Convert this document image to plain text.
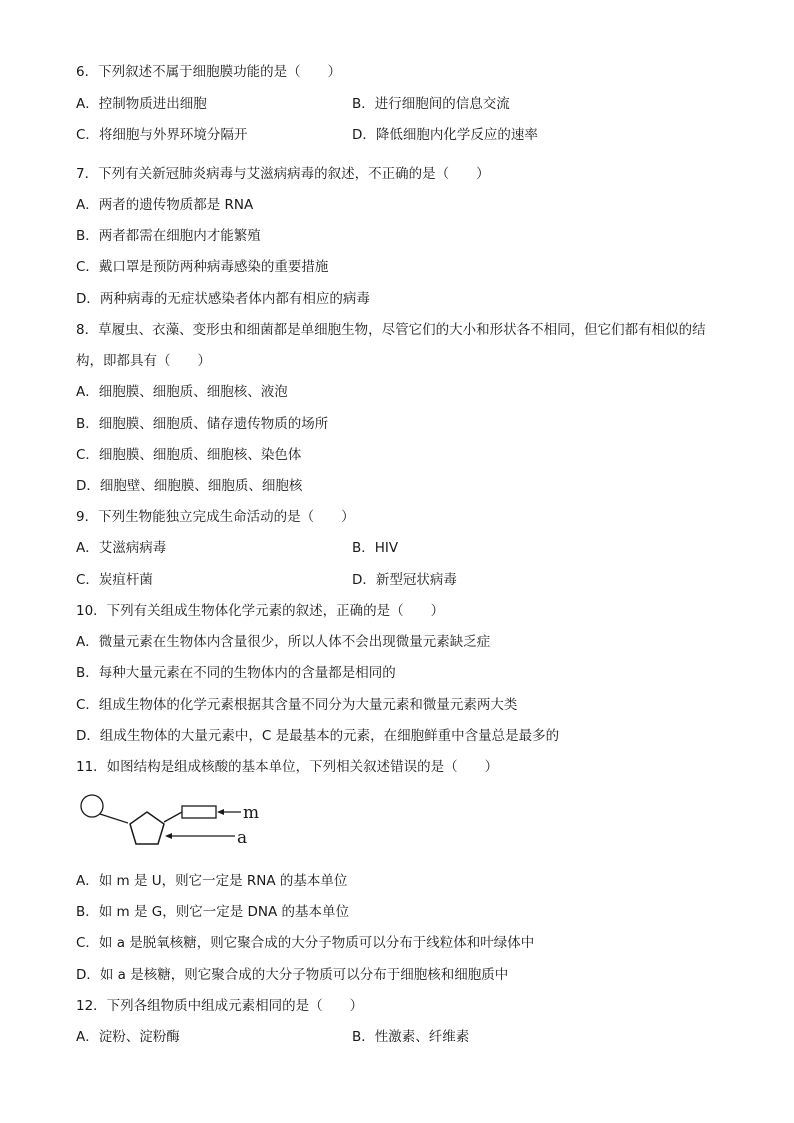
6．下列叙述不属于细胞膜功能的是（　　）
A．控制物质进出细胞	B．进行细胞间的信息交流
C．将细胞与外界环境分隔开	D．降低细胞内化学反应的速率
7．下列有关新冠肺炎病毒与艾滋病病毒的叙述，不正确的是（　　）
A．两者的遗传物质都是 RNA
B．两者都需在细胞内才能繁殖
C．戴口罩是预防两种病毒感染的重要措施
D．两种病毒的无症状感染者体内都有相应的病毒
8．草履虫、衣藻、变形虫和细菌都是单细胞生物，尽管它们的大小和形状各不相同，但它们都有相似的结
构，即都具有（　　）
A．细胞膜、细胞质、细胞核、液泡
B．细胞膜、细胞质、储存遗传物质的场所
C．细胞膜、细胞质、细胞核、染色体
D．细胞壁、细胞膜、细胞质、细胞核
9．下列生物能独立完成生命活动的是（　　）
A．艾滋病病毒	B．HIV
C．炭疽杆菌	D．新型冠状病毒
10．下列有关组成生物体化学元素的叙述，正确的是（　　）
A．微量元素在生物体内含量很少，所以人体不会出现微量元素缺乏症
B．每种大量元素在不同的生物体内的含量都是相同的
C．组成生物体的化学元素根据其含量不同分为大量元素和微量元素两大类
D．组成生物体的大量元素中，C 是最基本的元素，在细胞鲜重中含量总是最多的
11．如图结构是组成核酸的基本单位，下列相关叙述错误的是（　　）
m
a
A．如 m 是 U，则它一定是 RNA 的基本单位
B．如 m 是 G，则它一定是 DNA 的基本单位
C．如 a 是脱氧核糖，则它聚合成的大分子物质可以分布于线粒体和叶绿体中
D．如 a 是核糖，则它聚合成的大分子物质可以分布于细胞核和细胞质中
12．下列各组物质中组成元素相同的是（　　）
A．淀粉、淀粉酶	B．性激素、纤维素
